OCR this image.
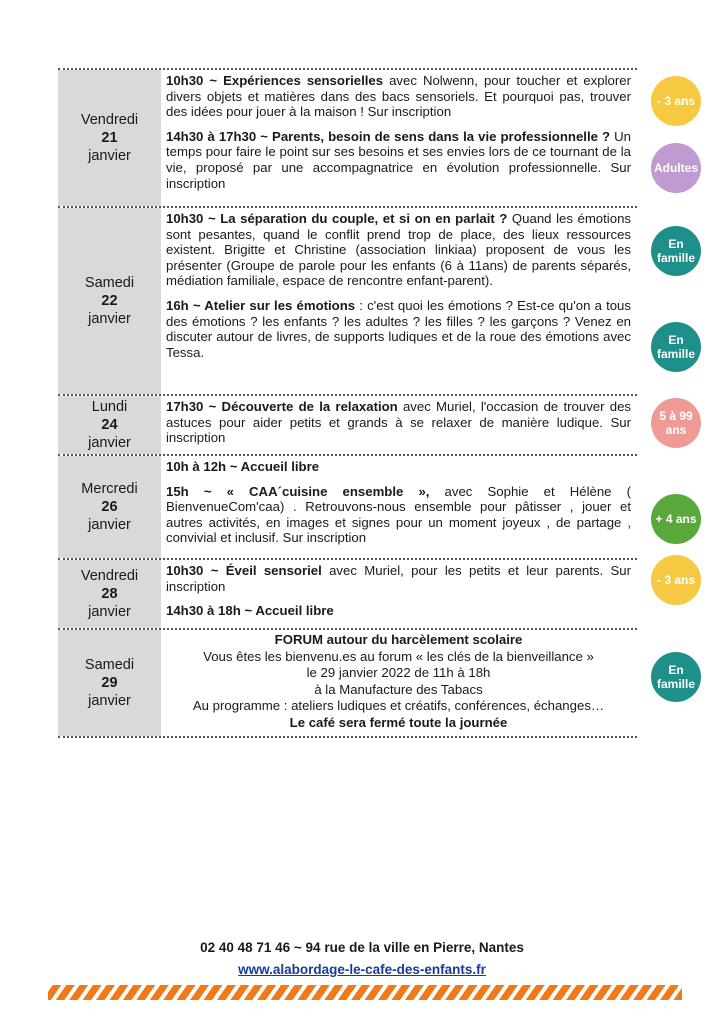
Vendredi
21
janvier

10h30 ~ Expériences sensorielles avec Nolwenn, pour toucher et explorer divers objets et matières dans des bacs sensoriels. Et pourquoi pas, trouver des idées pour jouer à la maison ! Sur inscription

14h30 à 17h30 ~ Parents, besoin de sens dans la vie professionnelle ? Un temps pour faire le point sur ses besoins et ses envies lors de ce tournant de la vie, proposé par une accompagnatrice en évolution professionnelle. Sur inscription

Samedi
22
janvier

10h30 ~ La séparation du couple, et si on en parlait ? Quand les émotions sont pesantes, quand le conflit prend trop de place, des lieux ressources existent. Brigitte et Christine (association linkiaa) proposent de vous les présenter (Groupe de parole pour les enfants (6 à 11ans) de parents séparés, médiation familiale, espace de rencontre enfant-parent).

16h ~ Atelier sur les émotions : c'est quoi les émotions ? Est-ce qu'on a tous des émotions ? les enfants ? les adultes ? les filles ? les garçons ? Venez en discuter autour de livres, de supports ludiques et de la roue des émotions avec Tessa.

Lundi
24
janvier

17h30 ~ Découverte de la relaxation avec Muriel, l'occasion de trouver des astuces pour aider petits et grands à se relaxer de manière ludique. Sur inscription

Mercredi
26
janvier

10h à 12h ~ Accueil libre

15h ~ « CAA´cuisine ensemble », avec Sophie et Hélène ( BienvenueCom'caa) . Retrouvons-nous ensemble pour pâtisser , jouer et autres activités, en images et signes pour un moment joyeux , de partage , convivial et inclusif. Sur inscription

Vendredi
28
janvier

10h30 ~ Éveil sensoriel avec Muriel, pour les petits et leur parents. Sur inscription

14h30 à 18h ~ Accueil libre

Samedi
29
janvier
FORUM autour du harcèlement scolaire
Vous êtes les bienvenu.es au forum « les clés de la bienveillance »
le 29 janvier 2022 de 11h à 18h
à la Manufacture des Tabacs
Au programme : ateliers ludiques et créatifs, conférences, échanges…
Le café sera fermé toute la journée
- 3 ans
Adultes
En famille
En famille
5 à 99 ans
+ 4 ans
- 3 ans
En famille
02 40 48 71 46 ~ 94 rue de la ville en Pierre, Nantes
www.alabordage-le-cafe-des-enfants.fr
